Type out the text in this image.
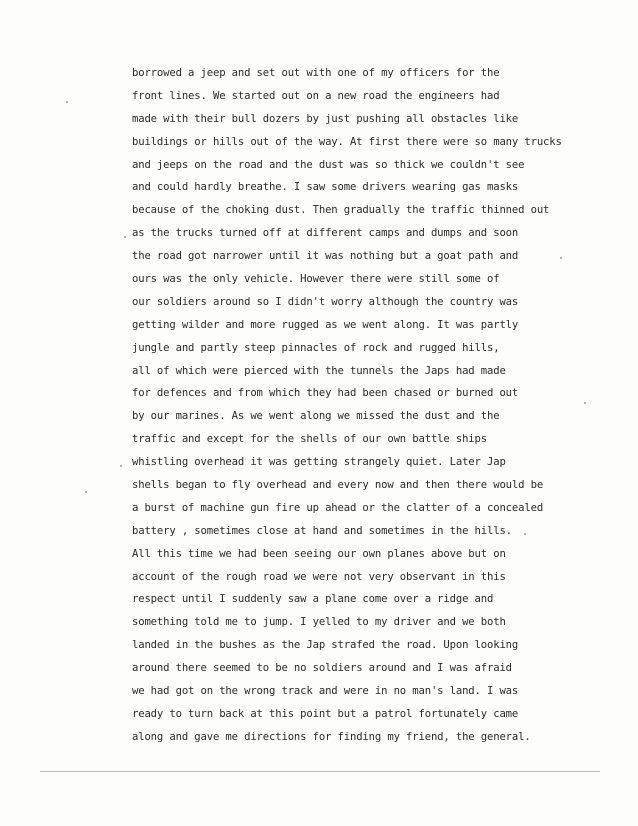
borrowed a jeep and set out with one of my officers for the
front lines. We started out on a new road the engineers had
made with their bull dozers by just pushing all obstacles like
buildings or hills out of the way. At first there were so many trucks
and jeeps on the road and the dust was so thick we couldn't see
and could hardly breathe. I saw some drivers wearing gas masks
because of the choking dust. Then gradually the traffic thinned out
as the trucks turned off at different camps and dumps and soon
the road got narrower until it was nothing but a goat path and
ours was the only vehicle. However there were still some of
our soldiers around so I didn't worry although the country was
getting wilder and more rugged as we went along. It was partly
jungle and partly steep pinnacles of rock and rugged hills,
all of which were pierced with the tunnels the Japs had made
for defences and from which they had been chased or burned out
by our marines. As we went along we missed the dust and the
traffic and except for the shells of our own battle ships
whistling overhead it was getting strangely quiet. Later Jap
shells began to fly overhead and every now and then there would be
a burst of machine gun fire up ahead or the clatter of a concealed
battery , sometimes close at hand and sometimes in the hills.
All this time we had been seeing our own planes above but on
account of the rough road we were not very observant in this
respect until I suddenly saw a plane come over a ridge and
something told me to jump. I yelled to my driver and we both
landed in the bushes as the Jap strafed the road. Upon looking
around there seemed to be no soldiers around and I was afraid
we had got on the wrong track and were in no man's land. I was
ready to turn back at this point but a patrol fortunately came
along and gave me directions for finding my friend, the general.
